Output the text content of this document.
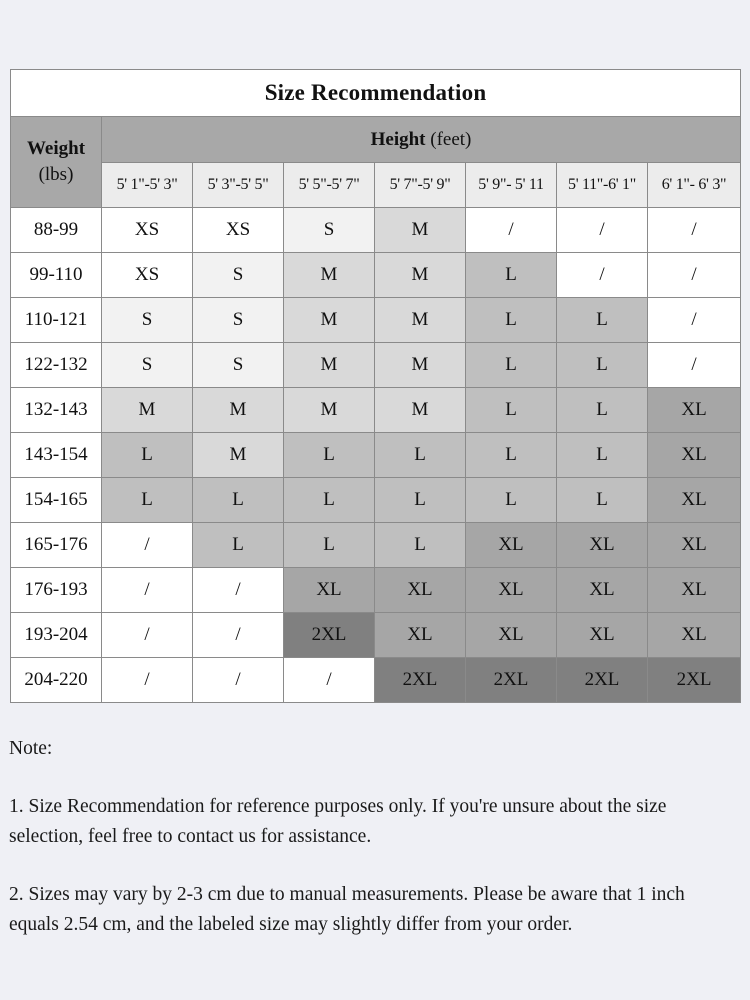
Size Recommendation							
Weight
(lbs)	Height (feet)						
	5' 1"-5' 3"	5' 3"-5' 5"	5' 5"-5' 7"	5' 7"-5' 9"	5' 9"- 5' 11	5' 11"-6' 1"	6' 1"- 6' 3"
88-99	XS	XS	S	M	/	/	/
99-110	XS	S	M	M	L	/	/
110-121	S	S	M	M	L	L	/
122-132	S	S	M	M	L	L	/
132-143	M	M	M	M	L	L	XL
143-154	L	M	L	L	L	L	XL
154-165	L	L	L	L	L	L	XL
165-176	/	L	L	L	XL	XL	XL
176-193	/	/	XL	XL	XL	XL	XL
193-204	/	/	2XL	XL	XL	XL	XL
204-220	/	/	/	2XL	2XL	2XL	2XL

Note:

1. Size Recommendation for reference purposes only. If you're unsure about the size selection, feel free to contact us for assistance.

2. Sizes may vary by 2-3 cm due to manual measurements. Please be aware that 1 inch equals 2.54 cm, and the labeled size may slightly differ from your order.
